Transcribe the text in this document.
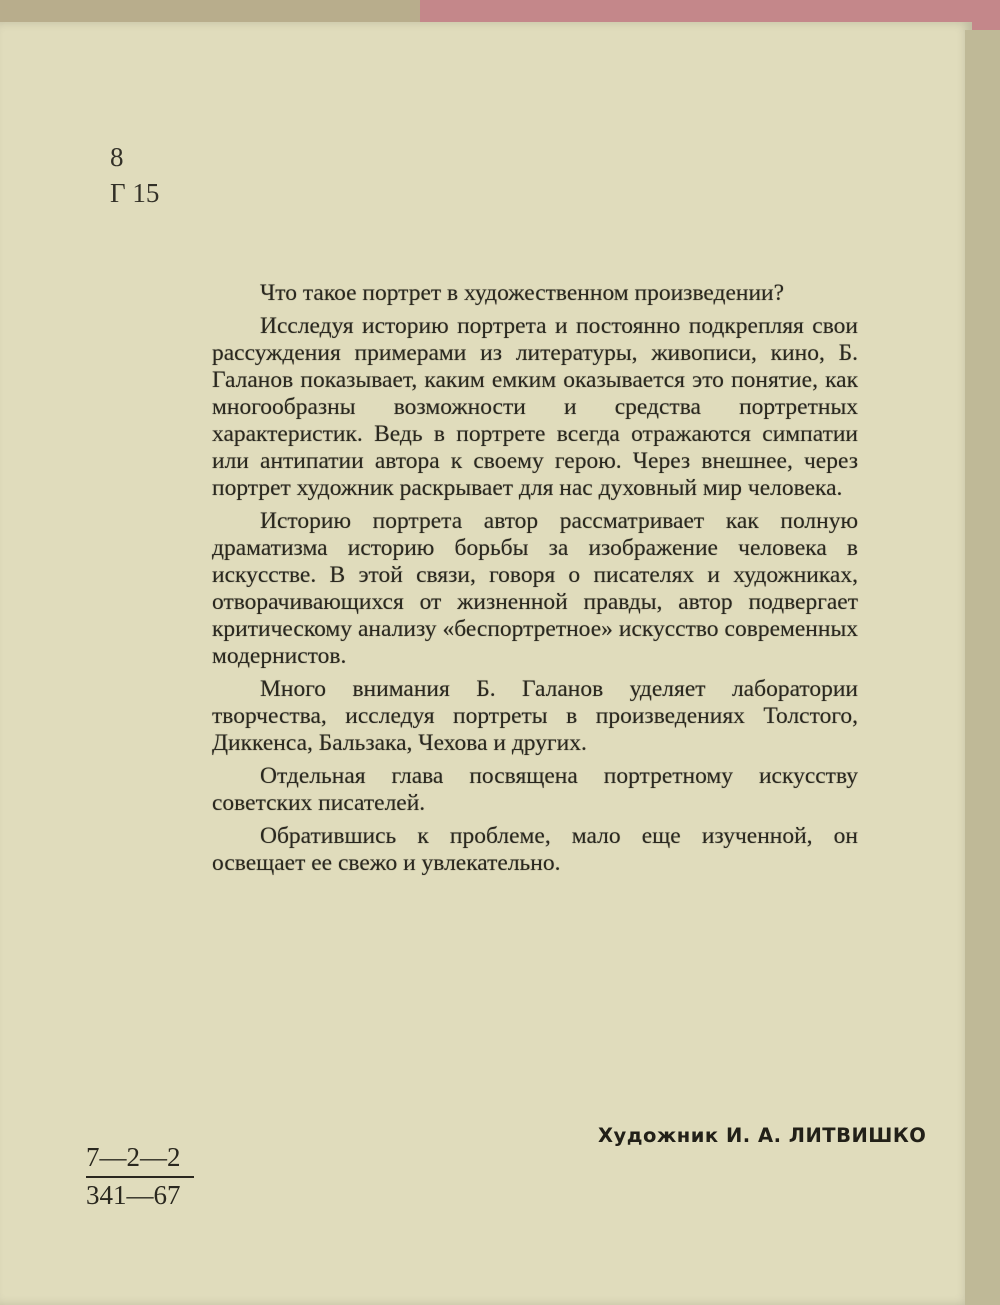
8
Г 15

Что такое портрет в художественном произведении?

Исследуя историю портрета и постоянно подкрепляя свои рассуждения примерами из литературы, живописи, кино, Б. Галанов показывает, каким емким оказывается это понятие, как многообразны возможности и средства портретных характеристик. Ведь в портрете всегда отражаются симпатии или антипатии автора к своему герою. Через внешнее, через портрет художник раскрывает для нас духовный мир человека.

Историю портрета автор рассматривает как полную драматизма историю борьбы за изображение человека в искусстве. В этой связи, говоря о писателях и художниках, отворачивающихся от жизненной правды, автор подвергает критическому анализу «беспортретное» искусство современных модернистов.

Много внимания Б. Галанов уделяет лаборатории творчества, исследуя портреты в произведениях Толстого, Диккенса, Бальзака, Чехова и других.

Отдельная глава посвящена портретному искусству советских писателей.

Обратившись к проблеме, мало еще изученной, он освещает ее свежо и увлекательно.

Художник И. А. ЛИТВИШКО
7—2—2
341—67
